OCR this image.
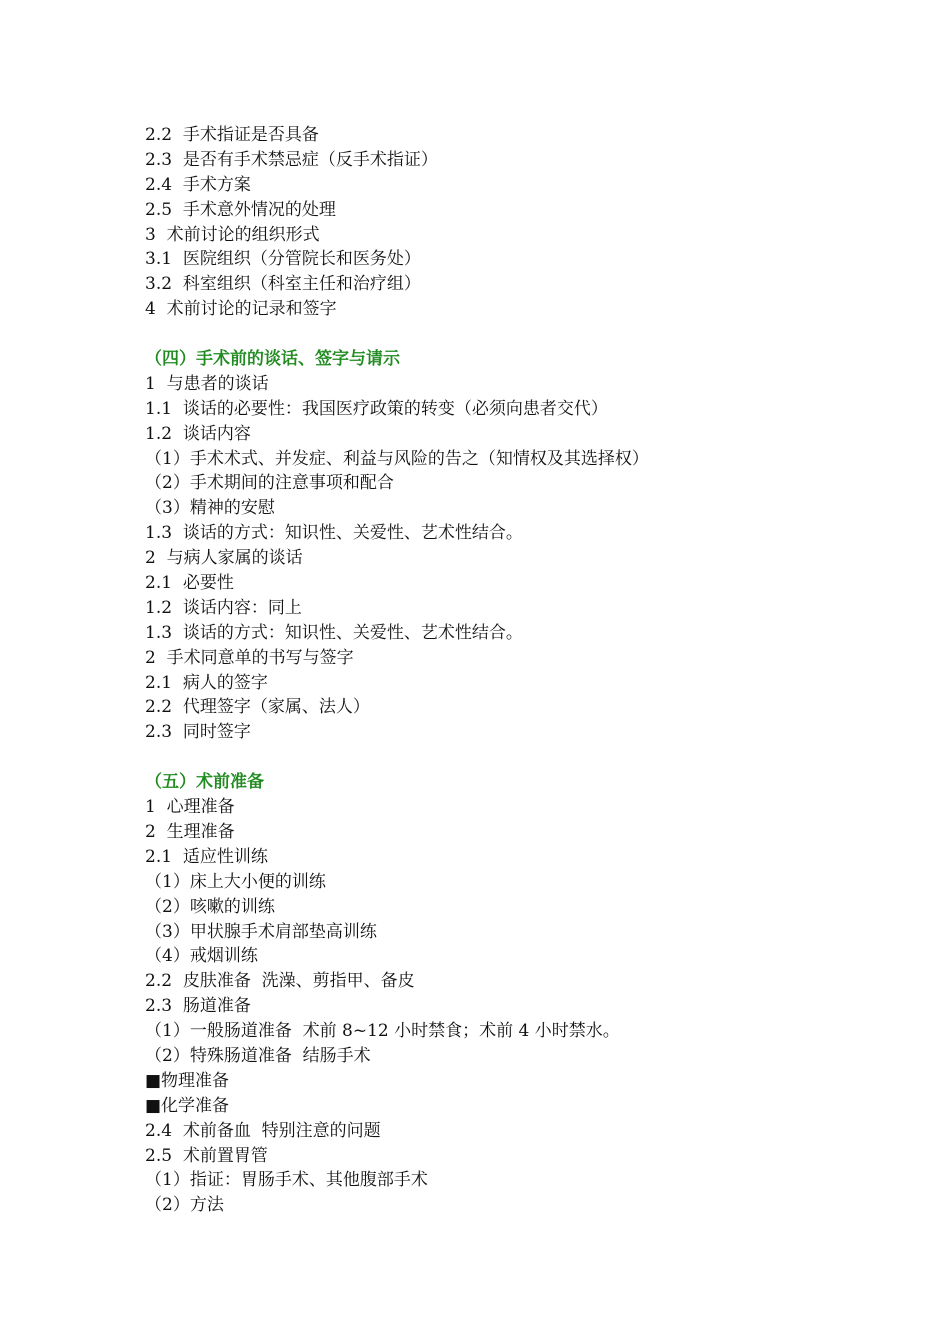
2.2  手术指证是否具备
2.3  是否有手术禁忌症（反手术指证）
2.4  手术方案
2.5  手术意外情况的处理
3  术前讨论的组织形式
3.1  医院组织（分管院长和医务处）
3.2  科室组织（科室主任和治疗组）
4  术前讨论的记录和签字
（四）手术前的谈话、签字与请示
1  与患者的谈话
1.1  谈话的必要性：我国医疗政策的转变（必须向患者交代）
1.2  谈话内容
（1）手术术式、并发症、利益与风险的告之（知情权及其选择权）
（2）手术期间的注意事项和配合
（3）精神的安慰
1.3  谈话的方式：知识性、关爱性、艺术性结合。
2  与病人家属的谈话
2.1  必要性
1.2  谈话内容：同上
1.3  谈话的方式：知识性、关爱性、艺术性结合。
2  手术同意单的书写与签字
2.1  病人的签字
2.2  代理签字（家属、法人）
2.3  同时签字
（五）术前准备
1  心理准备
2  生理准备
2.1  适应性训练
（1）床上大小便的训练
（2）咳嗽的训练
（3）甲状腺手术肩部垫高训练
（4）戒烟训练
2.2  皮肤准备  洗澡、剪指甲、备皮
2.3  肠道准备
（1）一般肠道准备  术前 8~12 小时禁食；术前 4 小时禁水。
（2）特殊肠道准备  结肠手术
■物理准备
■化学准备
2.4  术前备血  特别注意的问题
2.5  术前置胃管
（1）指证：胃肠手术、其他腹部手术
（2）方法
